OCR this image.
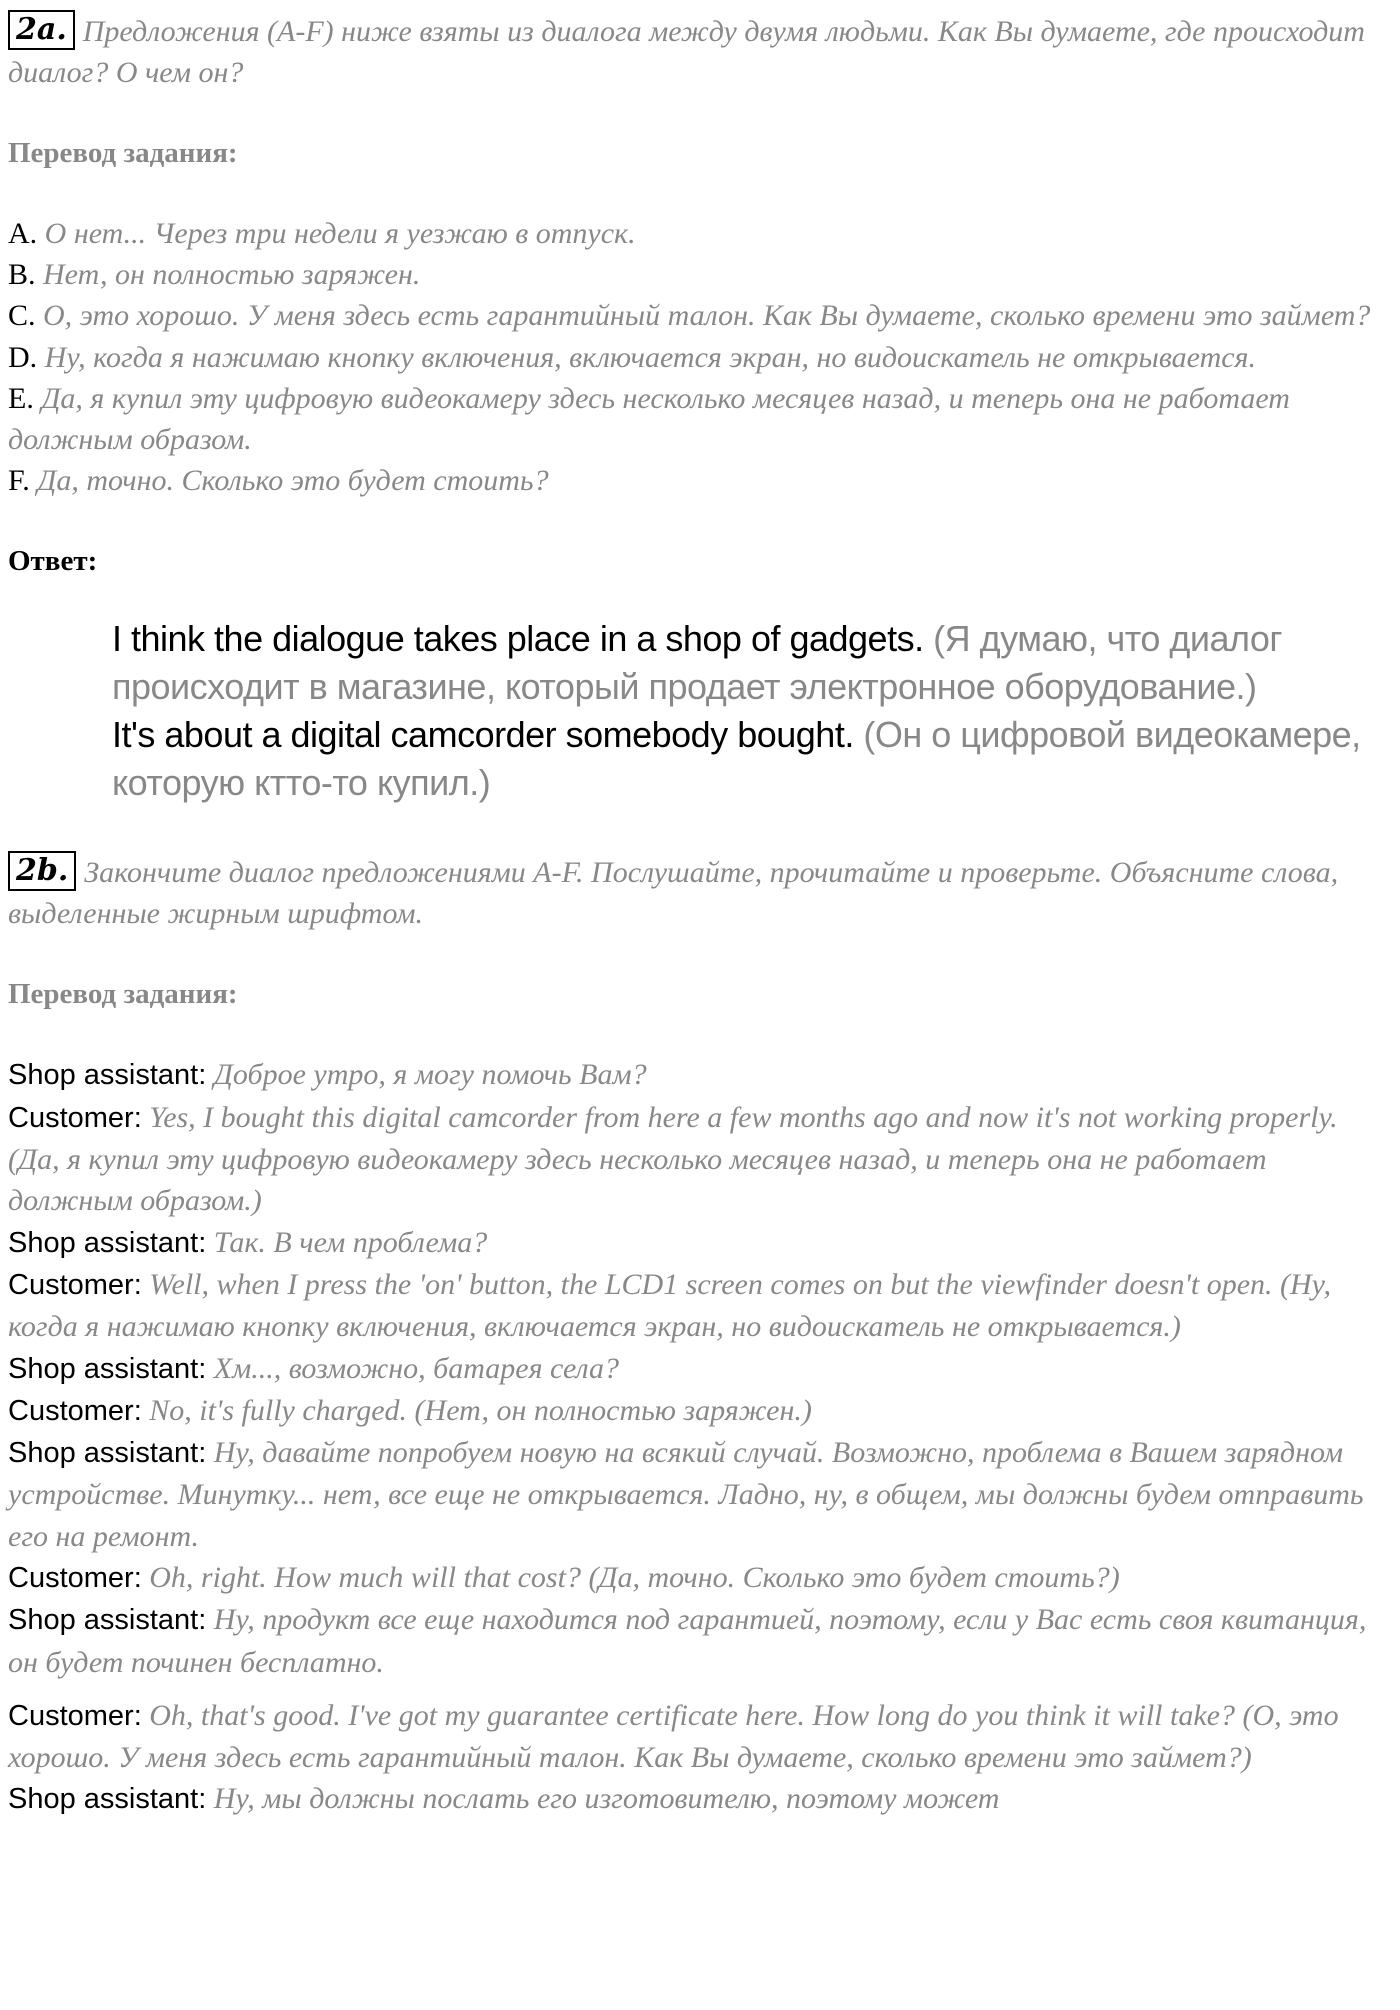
2a. Предложения (A-F) ниже взяты из диалога между двумя людьми. Как Вы думаете, где происходит диалог? О чем он?

Перевод задания:

A. О нет... Через три недели я уезжаю в отпуск.

B. Нет, он полностью заряжен.

C. О, это хорошо. У меня здесь есть гарантийный талон. Как Вы думаете, сколько времени это займет?

D. Ну, когда я нажимаю кнопку включения, включается экран, но видоискатель не открывается.

E. Да, я купил эту цифровую видеокамеру здесь несколько месяцев назад, и теперь она не работает должным образом.

F. Да, точно. Сколько это будет стоить?

Ответ:

I think the dialogue takes place in a shop of gadgets. (Я думаю, что диалог происходит в магазине, который продает электронное оборудование.)

It's about a digital camcorder somebody bought. (Он о цифровой видеокамере, которую ктто-то купил.)

2b. Закончите диалог предложениями A-F. Послушайте, прочитайте и проверьте. Объясните слова, выделенные жирным шрифтом.

Перевод задания:

Shop assistant: Доброе утро, я могу помочь Вам?

Customer: Yes, I bought this digital camcorder from here a few months ago and now it's not working properly. (Да, я купил эту цифровую видеокамеру здесь несколько месяцев назад, и теперь она не работает должным образом.)

Shop assistant: Так. В чем проблема?

Customer: Well, when I press the 'on' button, the LCD1 screen comes on but the viewfinder doesn't open. (Ну, когда я нажимаю кнопку включения, включается экран, но видоискатель не открывается.)

Shop assistant: Хм..., возможно, батарея села?

Customer: No, it's fully charged. (Нет, он полностью заряжен.)

Shop assistant: Ну, давайте попробуем новую на всякий случай. Возможно, проблема в Вашем зарядном устройстве. Минутку... нет, все еще не открывается. Ладно, ну, в общем, мы должны будем отправить его на ремонт.

Customer: Oh, right. How much will that cost? (Да, точно. Сколько это будет стоить?)

Shop assistant: Ну, продукт все еще находится под гарантией, поэтому, если у Вас есть своя квитанция, он будет починен бесплатно.

Customer: Oh, that's good. I've got my guarantee certificate here. How long do you think it will take? (О, это хорошо. У меня здесь есть гарантийный талон. Как Вы думаете, сколько времени это займет?)

Shop assistant: Ну, мы должны послать его изготовителю, поэтому может
